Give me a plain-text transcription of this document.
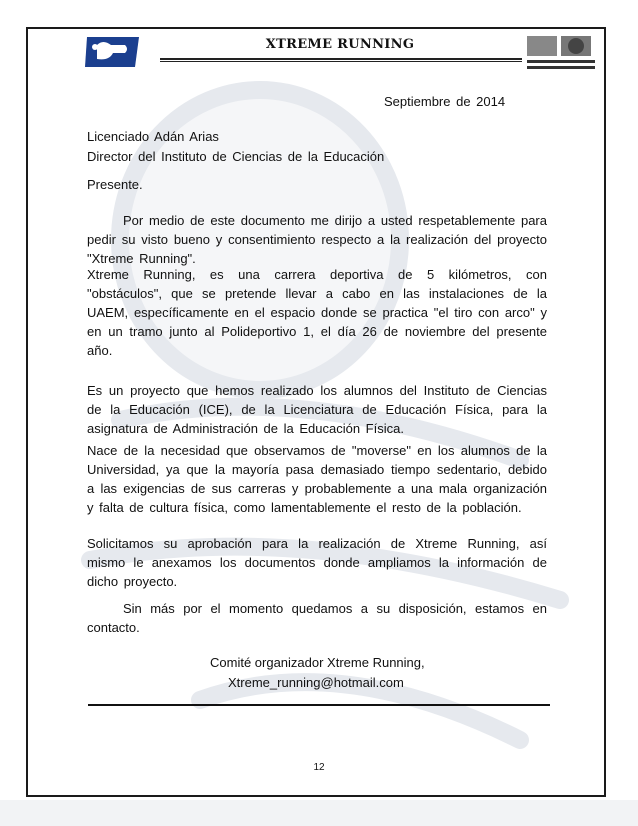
XTREME RUNNING
Septiembre de 2014
Licenciado Adán Arias
Director del Instituto de Ciencias de la Educación
Presente.
Por medio de este documento me dirijo a usted respetablemente para pedir su visto bueno y consentimiento respecto a la realización del proyecto "Xtreme Running".
Xtreme Running, es una carrera deportiva de 5 kilómetros, con "obstáculos", que se pretende llevar a cabo en las instalaciones de la UAEM, específicamente en el espacio donde se practica "el tiro con arco" y en un tramo junto al Polideportivo 1, el día 26 de noviembre del presente año.
Es un proyecto que hemos realizado los alumnos del Instituto de Ciencias de la Educación (ICE), de la Licenciatura de Educación Física, para la asignatura de Administración de la Educación Física.
Nace de la necesidad que observamos de "moverse" en los alumnos de la Universidad, ya que la mayoría pasa demasiado tiempo sedentario, debido a las exigencias de sus carreras y probablemente a una mala organización y falta de cultura física, como lamentablemente el resto de la población.
Solicitamos su aprobación para la realización de Xtreme Running, así mismo le anexamos los documentos donde ampliamos la información de dicho proyecto.
Sin más por el momento quedamos a su disposición, estamos en contacto.
Comité organizador Xtreme Running,
Xtreme_running@hotmail.com
12
